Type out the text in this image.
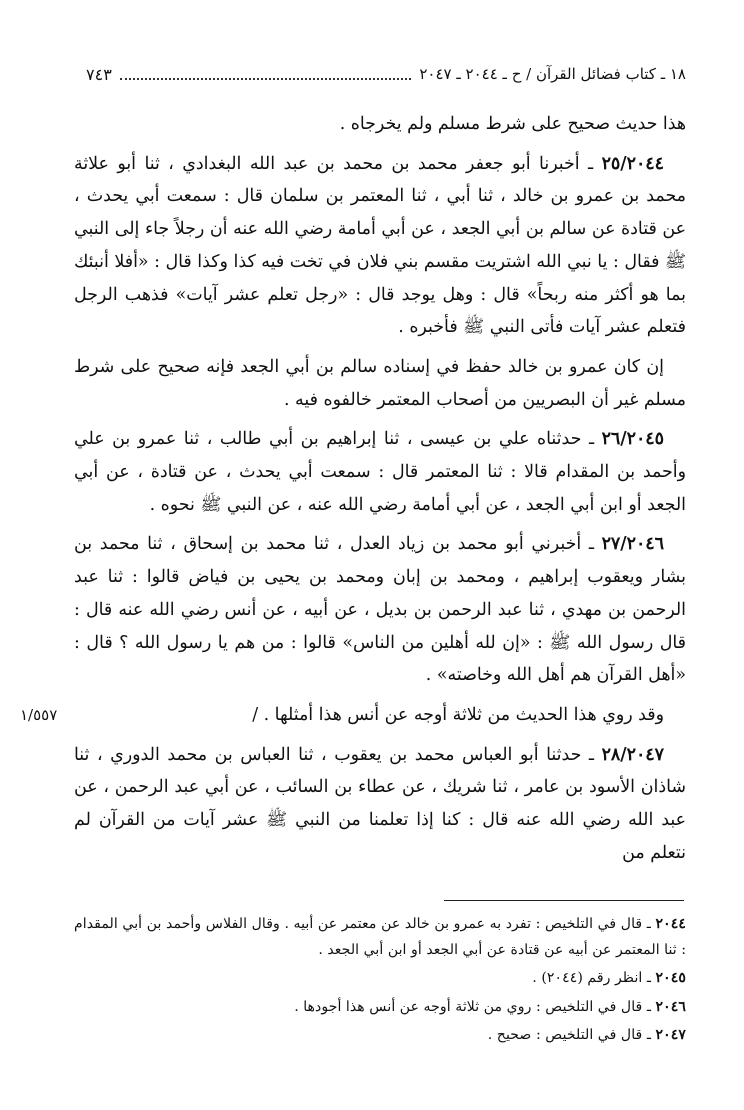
١٨ ـ كتاب فضائل القرآن / ح ـ ٢٠٤٤ ـ ٢٠٤٧
٧٤٣

هذا حديث صحيح على شرط مسلم ولم يخرجاه .

٢٥/٢٠٤٤ ـ أخبرنا أبو جعفر محمد بن محمد بن عبد الله البغدادي ، ثنا أبو علاثة محمد بن عمرو بن خالد ، ثنا أبي ، ثنا المعتمر بن سلمان قال : سمعت أبي يحدث ، عن قتادة عن سالم بن أبي الجعد ، عن أبي أمامة رضي الله عنه أن رجلاً جاء إلى النبي ﷺ فقال : يا نبي الله اشتريت مقسم بني فلان في تخت فيه كذا وكذا قال : «أفلا أنبئك بما هو أكثر منه ربحاً» قال : وهل يوجد قال : «رجل تعلم عشر آيات» فذهب الرجل فتعلم عشر آيات فأتى النبي ﷺ فأخبره .

إن كان عمرو بن خالد حفظ في إسناده سالم بن أبي الجعد فإنه صحيح على شرط مسلم غير أن البصريين من أصحاب المعتمر خالفوه فيه .

٢٦/٢٠٤٥ ـ حدثناه علي بن عيسى ، ثنا إبراهيم بن أبي طالب ، ثنا عمرو بن علي وأحمد بن المقدام قالا : ثنا المعتمر قال : سمعت أبي يحدث ، عن قتادة ، عن أبي الجعد أو ابن أبي الجعد ، عن أبي أمامة رضي الله عنه ، عن النبي ﷺ نحوه .

٢٧/٢٠٤٦ ـ أخبرني أبو محمد بن زياد العدل ، ثنا محمد بن إسحاق ، ثنا محمد بن بشار ويعقوب إبراهيم ، ومحمد بن إبان ومحمد بن يحيى بن فياض قالوا : ثنا عبد الرحمن بن مهدي ، ثنا عبد الرحمن بن بديل ، عن أبيه ، عن أنس رضي الله عنه قال : قال رسول الله ﷺ : «إن لله أهلين من الناس» قالوا : من هم يا رسول الله ؟ قال : «أهل القرآن هم أهل الله وخاصته» .

وقد روي هذا الحديث من ثلاثة أوجه عن أنس هذا أمثلها . /

٢٨/٢٠٤٧ ـ حدثنا أبو العباس محمد بن يعقوب ، ثنا العباس بن محمد الدوري ، ثنا شاذان الأسود بن عامر ، ثنا شريك ، عن عطاء بن السائب ، عن أبي عبد الرحمن ، عن عبد الله رضي الله عنه قال : كنا إذا تعلمنا من النبي ﷺ عشر آيات من القرآن لم نتعلم من

١/٥٥٧

٢٠٤٤ ـ قال في التلخيص : تفرد به عمرو بن خالد عن معتمر عن أبيه . وقال الفلاس وأحمد بن أبي المقدام : ثنا المعتمر عن أبيه عن قتادة عن أبي الجعد أو ابن أبي الجعد .

٢٠٤٥ ـ انظر رقم (٢٠٤٤) .

٢٠٤٦ ـ قال في التلخيص : روي من ثلاثة أوجه عن أنس هذا أجودها .

٢٠٤٧ ـ قال في التلخيص : صحيح .
